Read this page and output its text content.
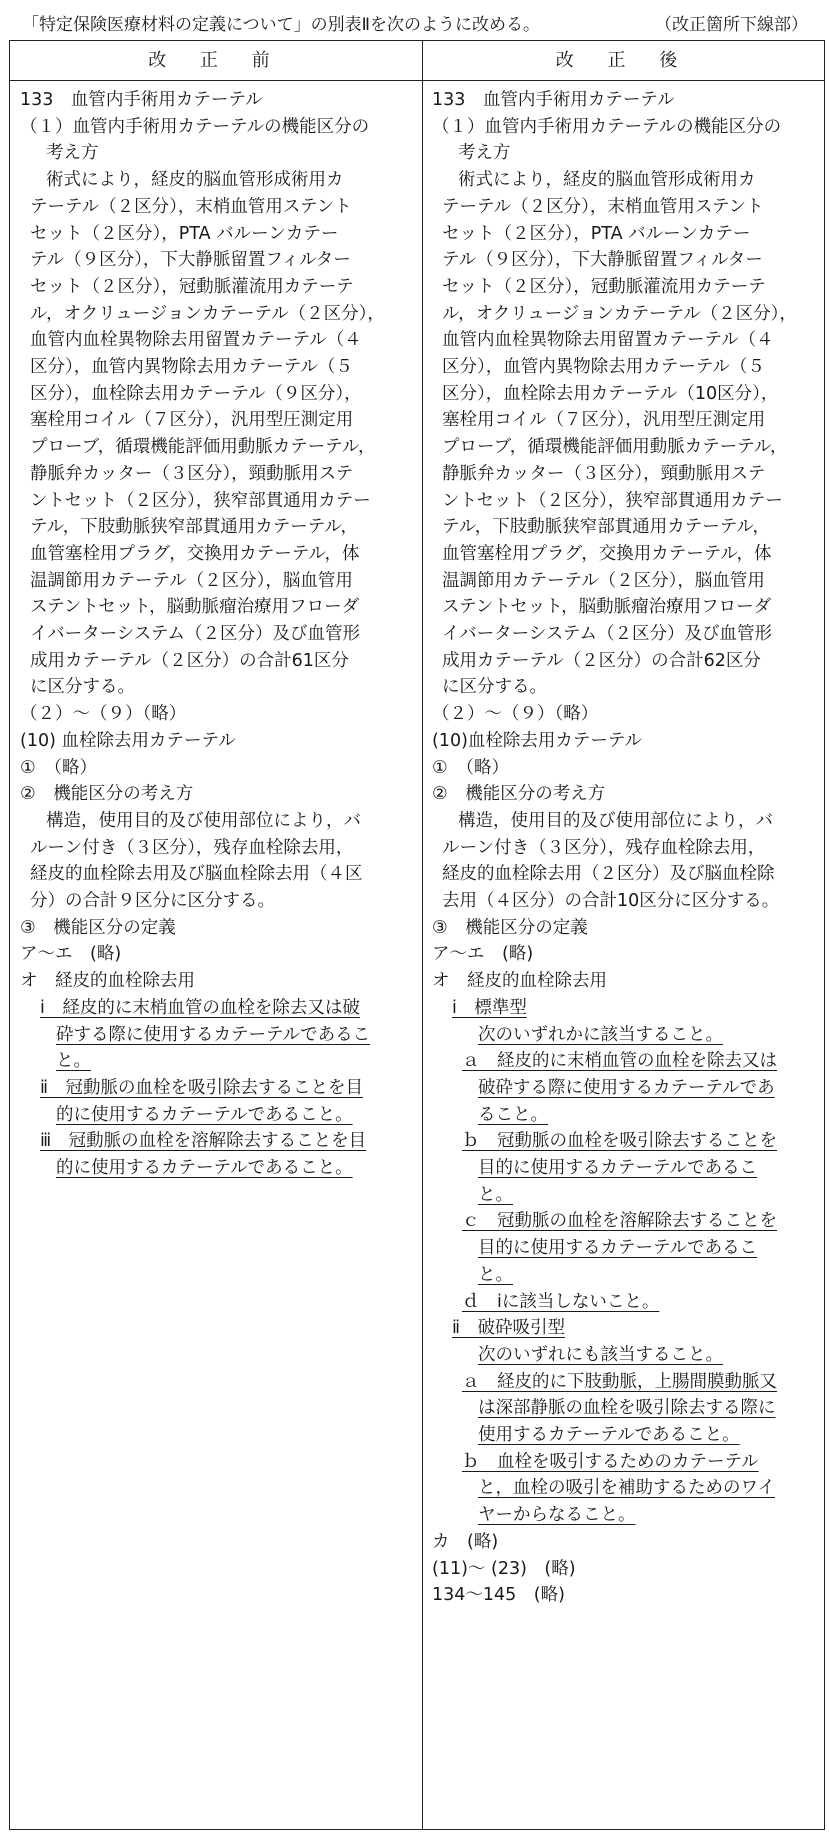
「特定保険医療材料の定義について」の別表Ⅱを次のように改める。	（改正箇所下線部）
改 正 前	改 正 後
133　血管内手術用カテーテル
（１）血管内手術用カテーテルの機能区分の
考え方
術式により，経皮的脳血管形成術用カ
テーテル（２区分），末梢血管用ステント
セット（２区分），PTA バルーンカテー
テル（９区分），下大静脈留置フィルター
セット（２区分），冠動脈灌流用カテーテ
ル，オクリュージョンカテーテル（２区分），
血管内血栓異物除去用留置カテーテル（４
区分），血管内異物除去用カテーテル（５
区分），血栓除去用カテーテル（９区分），
塞栓用コイル（７区分），汎用型圧測定用
プローブ，循環機能評価用動脈カテーテル，
静脈弁カッター（３区分），頸動脈用ステ
ントセット（２区分），狭窄部貫通用カテー
テル，下肢動脈狭窄部貫通用カテーテル，
血管塞栓用プラグ，交換用カテーテル，体
温調節用カテーテル（２区分），脳血管用
ステントセット，脳動脈瘤治療用フローダ
イバーターシステム（２区分）及び血管形
成用カテーテル（２区分）の合計61区分
に区分する。
（２）～（９）（略）
(10) 血栓除去用カテーテル
①　（略）
②　機能区分の考え方
構造，使用目的及び使用部位により，バ
ルーン付き（３区分），残存血栓除去用，
経皮的血栓除去用及び脳血栓除去用（４区
分）の合計９区分に区分する。
③　機能区分の定義
ア～エ　(略)
オ　経皮的血栓除去用
ⅰ　経皮的に末梢血管の血栓を除去又は破
砕する際に使用するカテーテルであるこ
と。
ⅱ　冠動脈の血栓を吸引除去することを目
的に使用するカテーテルであること。
ⅲ　冠動脈の血栓を溶解除去することを目
的に使用するカテーテルであること。
133　血管内手術用カテーテル
（１）血管内手術用カテーテルの機能区分の
考え方
術式により，経皮的脳血管形成術用カ
テーテル（２区分），末梢血管用ステント
セット（２区分），PTA バルーンカテー
テル（９区分），下大静脈留置フィルター
セット（２区分），冠動脈灌流用カテーテ
ル，オクリュージョンカテーテル（２区分），
血管内血栓異物除去用留置カテーテル（４
区分），血管内異物除去用カテーテル（５
区分），血栓除去用カテーテル（10区分），
塞栓用コイル（７区分），汎用型圧測定用
プローブ，循環機能評価用動脈カテーテル，
静脈弁カッター（３区分），頸動脈用ステ
ントセット（２区分），狭窄部貫通用カテー
テル，下肢動脈狭窄部貫通用カテーテル，
血管塞栓用プラグ，交換用カテーテル，体
温調節用カテーテル（２区分），脳血管用
ステントセット，脳動脈瘤治療用フローダ
イバーターシステム（２区分）及び血管形
成用カテーテル（２区分）の合計62区分
に区分する。
（２）～（９）（略）
(10)血栓除去用カテーテル
①　（略）
②　機能区分の考え方
構造，使用目的及び使用部位により，バ
ルーン付き（３区分），残存血栓除去用，
経皮的血栓除去用（２区分）及び脳血栓除
去用（４区分）の合計10区分に区分する。
③　機能区分の定義
ア～エ　(略)
オ　経皮的血栓除去用
ⅰ　標準型
次のいずれかに該当すること。
ａ　経皮的に末梢血管の血栓を除去又は
破砕する際に使用するカテーテルであ
ること。
ｂ　冠動脈の血栓を吸引除去することを
目的に使用するカテーテルであるこ
と。
ｃ　冠動脈の血栓を溶解除去することを
目的に使用するカテーテルであるこ
と。
ｄ　ⅰに該当しないこと。
ⅱ　破砕吸引型
次のいずれにも該当すること。
ａ　経皮的に下肢動脈，上腸間膜動脈又
は深部静脈の血栓を吸引除去する際に
使用するカテーテルであること。
ｂ　血栓を吸引するためのカテーテル
と，血栓の吸引を補助するためのワイ
ヤーからなること。
カ　(略)
(11)～ (23)　(略)
134～145　(略)
